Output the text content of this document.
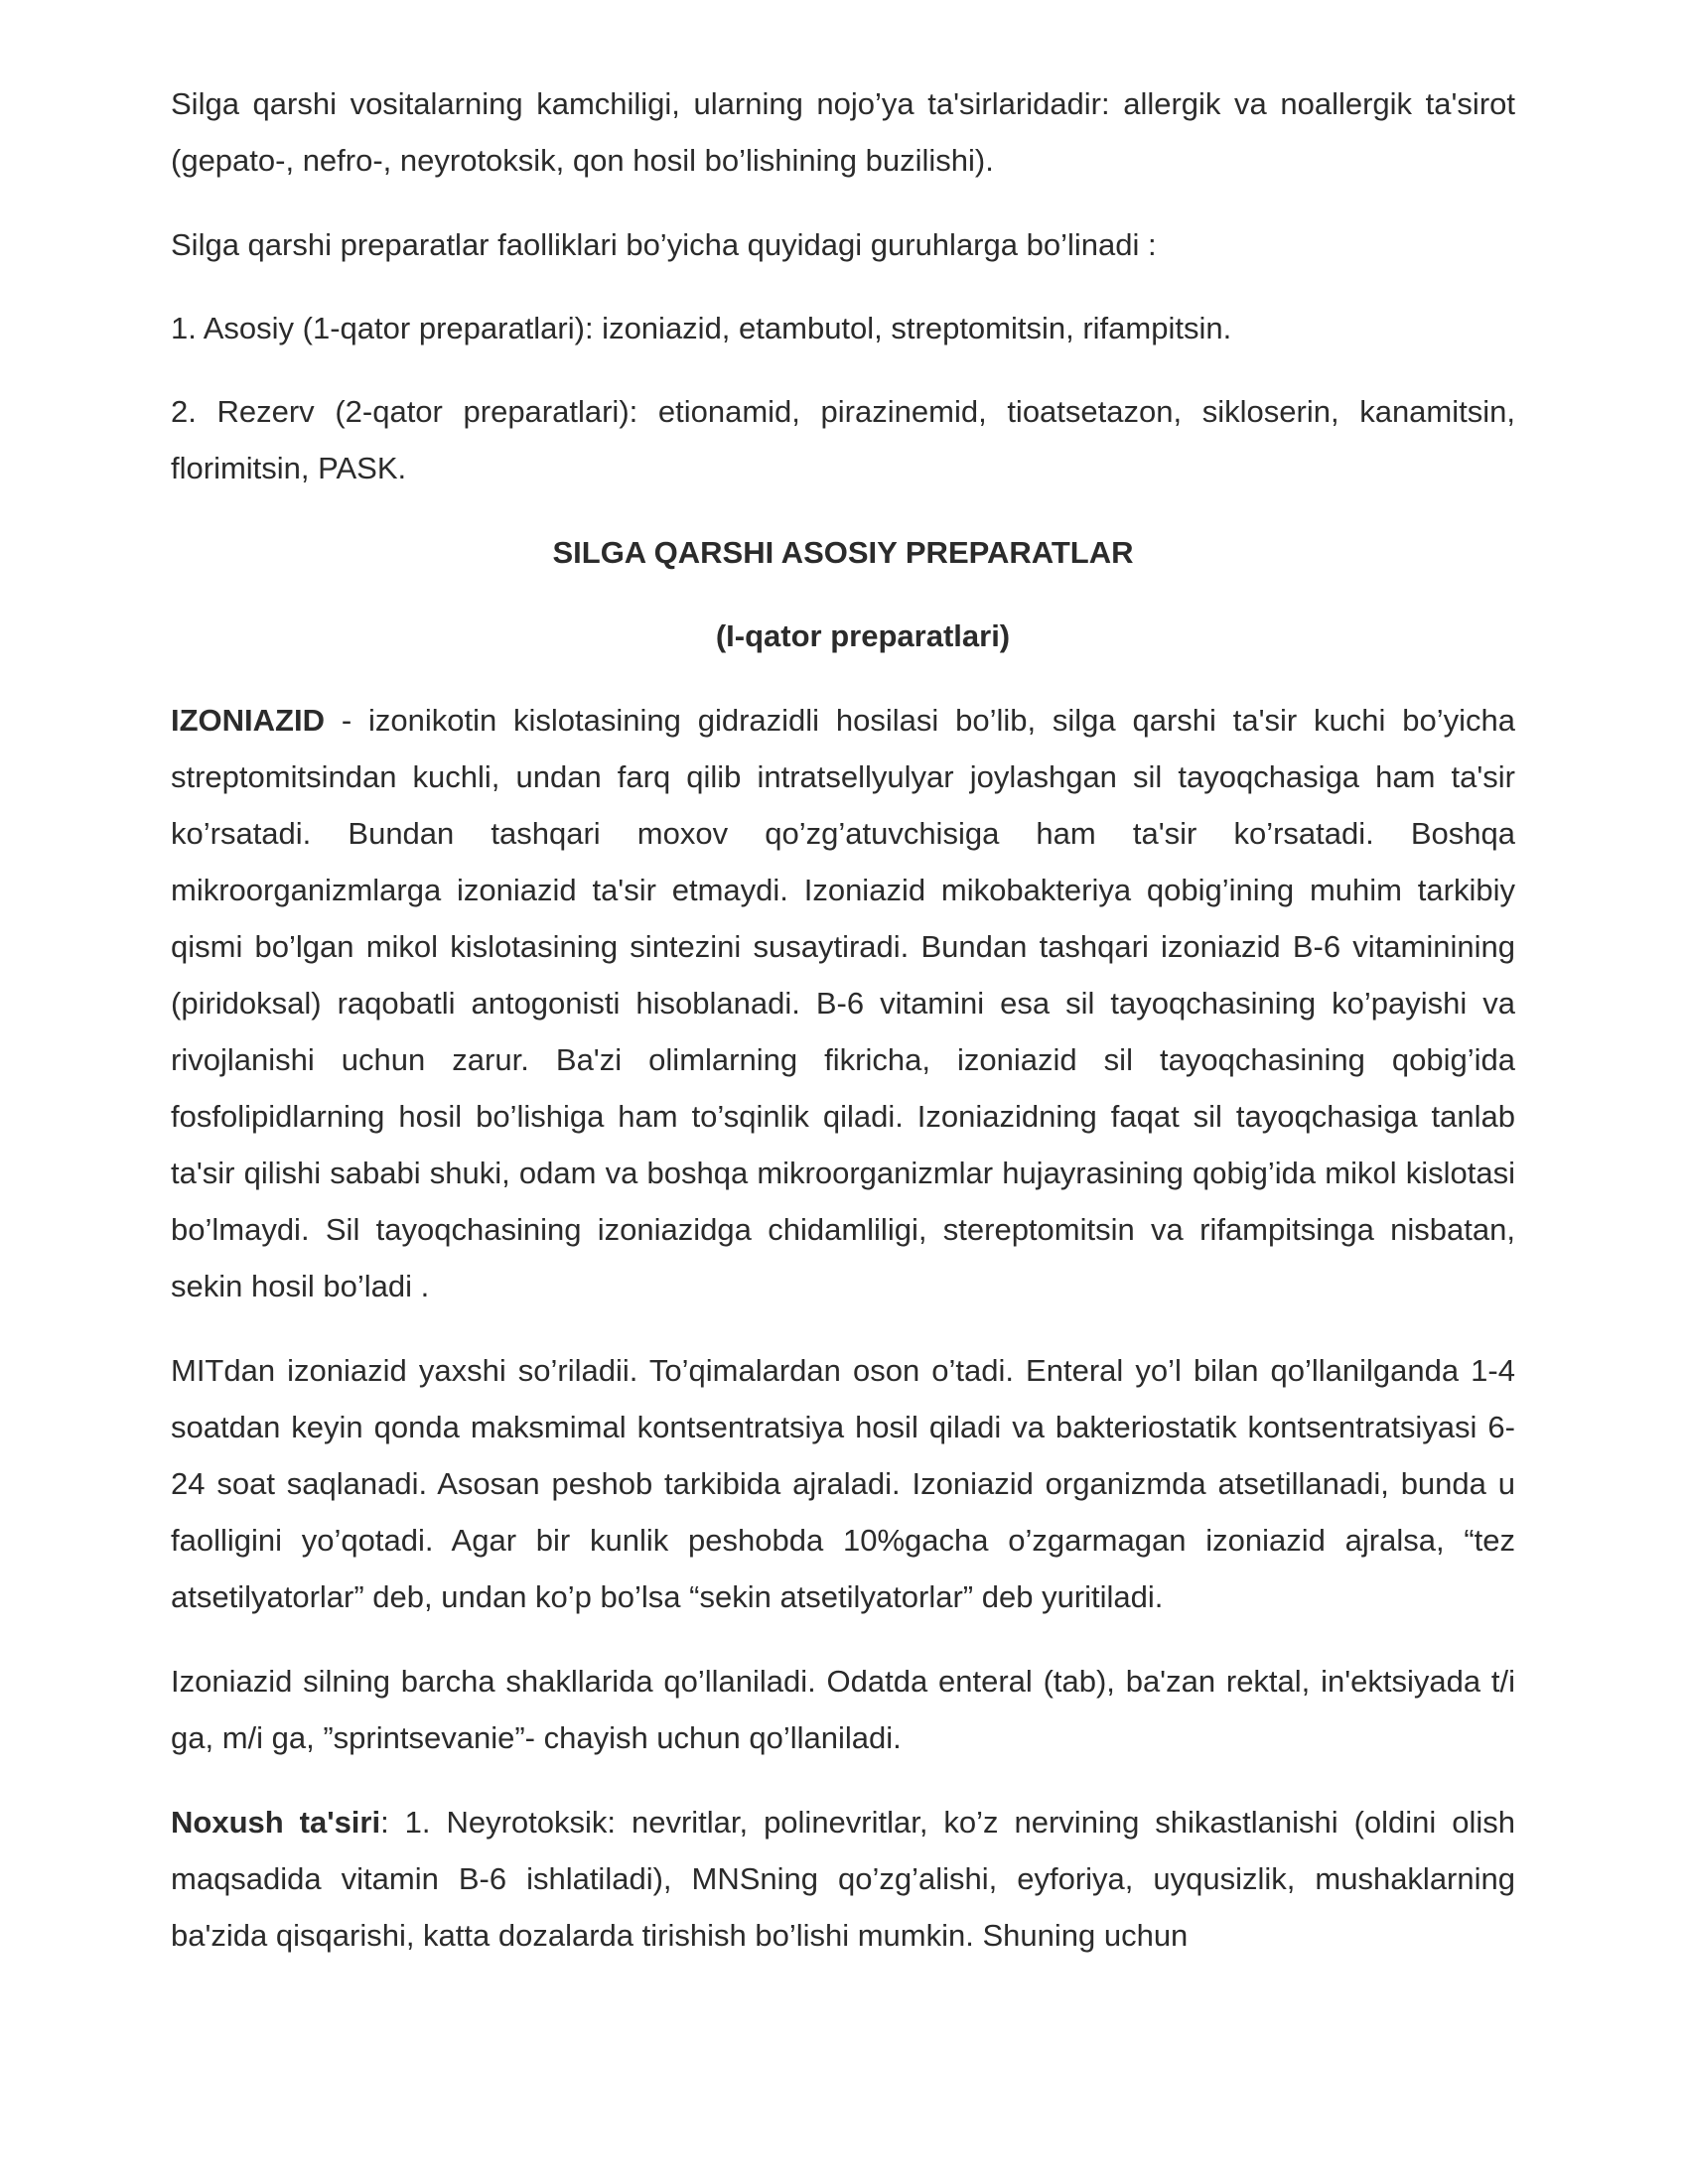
Silga qarshi vositalarning kamchiligi, ularning nojo’ya ta'sirlaridadir: allergik va noallergik ta'sirot (gepato-, nefro-, neyrotoksik, qon hosil bo’lishining buzilishi).

Silga qarshi preparatlar faolliklari bo’yicha quyidagi guruhlarga bo’linadi :

1. Asosiy (1-qator preparatlari): izoniazid, etambutol, streptomitsin, rifampitsin.

2. Rezerv (2-qator preparatlari): etionamid, pirazinemid, tioatsetazon, sikloserin, kanamitsin, florimitsin, PASK.

SILGA QARSHI ASOSIY PREPARATLAR

(I-qator preparatlari)

IZONIAZID - izonikotin kislotasining gidrazidli hosilasi bo’lib, silga qarshi ta'sir kuchi bo’yicha streptomitsindan kuchli, undan farq qilib intratsellyulyar joylashgan sil tayoqchasiga ham ta'sir ko’rsatadi. Bundan tashqari moxov qo’zg’atuvchisiga ham ta'sir ko’rsatadi. Boshqa mikroorganizmlarga izoniazid ta'sir etmaydi. Izoniazid mikobakteriya qobig’ining muhim tarkibiy qismi bo’lgan mikol kislotasining sintezini susaytiradi. Bundan tashqari izoniazid B-6 vitaminining (piridoksal) raqobatli antogonisti hisoblanadi. B-6 vitamini esa sil tayoqchasining ko’payishi va rivojlanishi uchun zarur. Ba'zi olimlarning fikricha, izoniazid sil tayoqchasining qobig’ida fosfolipidlarning hosil bo’lishiga ham to’sqinlik qiladi. Izoniazidning faqat sil tayoqchasiga tanlab ta'sir qilishi sababi shuki, odam va boshqa mikroorganizmlar hujayrasining qobig’ida mikol kislotasi bo’lmaydi. Sil tayoqchasining izoniazidga chidamliligi, stereptomitsin va rifampitsinga nisbatan, sekin hosil bo’ladi .

MITdan izoniazid yaxshi so’riladii. To’qimalardan oson o’tadi. Enteral yo’l bilan qo’llanilganda 1-4 soatdan keyin qonda maksmimal kontsentratsiya hosil qiladi va bakteriostatik kontsentratsiyasi 6-24 soat saqlanadi. Asosan peshob tarkibida ajraladi. Izoniazid organizmda atsetillanadi, bunda u faolligini yo’qotadi. Agar bir kunlik peshobda 10%gacha o’zgarmagan izoniazid ajralsa, “tez atsetilyatorlar” deb, undan ko’p bo’lsa “sekin atsetilyatorlar” deb yuritiladi.

Izoniazid silning barcha shakllarida qo’llaniladi. Odatda enteral (tab), ba'zan rektal, in'ektsiyada t/i ga, m/i ga, ”sprintsevanie”- chayish uchun qo’llaniladi.

Noxush ta'siri: 1. Neyrotoksik: nevritlar, polinevritlar, ko’z nervining shikastlanishi (oldini olish maqsadida vitamin B-6 ishlatiladi), MNSning qo’zg’alishi, eyforiya, uyqusizlik, mushaklarning ba'zida qisqarishi, katta dozalarda tirishish bo’lishi mumkin. Shuning uchun
